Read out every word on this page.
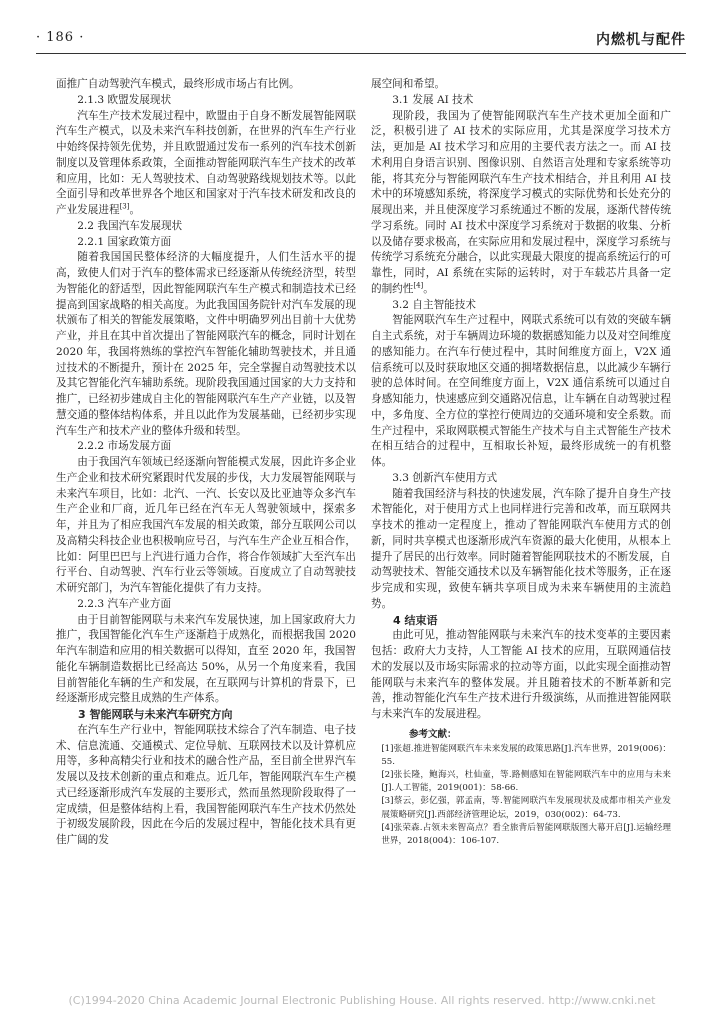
· 186 ·	内燃机与配件

面推广自动驾驶汽车模式，最终形成市场占有比例。

2.1.3 欧盟发展现状

汽车生产技术发展过程中，欧盟由于自身不断发展智能网联汽车生产模式，以及未来汽车科技创新，在世界的汽车生产行业中始终保持领先优势，并且欧盟通过发布一系列的汽车技术创新制度以及管理体系政策，全面推动智能网联汽车生产技术的改革和应用，比如：无人驾驶技术、自动驾驶路线规划技术等。以此全面引导和改革世界各个地区和国家对于汽车技术研发和改良的产业发展进程[3]。

2.2 我国汽车发展现状
2.2.1 国家政策方面

随着我国国民整体经济的大幅度提升，人们生活水平的提高，致使人们对于汽车的整体需求已经逐渐从传统经济型，转型为智能化的舒适型，因此智能网联汽车生产模式和制造技术已经提高到国家战略的相关高度。为此我国国务院针对汽车发展的现状颁布了相关的智能发展策略，文件中明确罗列出目前十大优势产业，并且在其中首次提出了智能网联汽车的概念，同时计划在 2020 年，我国将熟练的掌控汽车智能化辅助驾驶技术，并且通过技术的不断提升，预计在 2025 年，完全掌握自动驾驶技术以及其它智能化汽车辅助系统。现阶段我国通过国家的大力支持和推广，已经初步建成自主化的智能网联汽车生产产业链，以及智慧交通的整体结构体系，并且以此作为发展基础，已经初步实现汽车生产和技术产业的整体升级和转型。

2.2.2 市场发展方面

由于我国汽车领域已经逐渐向智能模式发展，因此许多企业生产企业和技术研究紧跟时代发展的步伐，大力发展智能网联与未来汽车项目，比如：北汽、一汽、长安以及比亚迪等众多汽车生产企业和厂商，近几年已经在汽车无人驾驶领域中，探索多年，并且为了相应我国汽车发展的相关政策，部分互联网公司以及高精尖科技企业也积极响应号召，与汽车生产企业互相合作，比如：阿里巴巴与上汽进行通力合作，将合作领域扩大至汽车出行平台、自动驾驶、汽车行业云等领域。百度成立了自动驾驶技术研究部门，为汽车智能化提供了有力支持。

2.2.3 汽车产业方面

由于目前智能网联与未来汽车发展快速，加上国家政府大力推广，我国智能化汽车生产逐渐趋于成熟化，而根据我国 2020 年汽车制造和应用的相关数据可以得知，直至 2020 年，我国智能化车辆制造数据比已经高达 50%，从另一个角度来看，我国目前智能化车辆的生产和发展，在互联网与计算机的背景下，已经逐渐形成完整且成熟的生产体系。

3 智能网联与未来汽车研究方向

在汽车生产行业中，智能网联技术综合了汽车制造、电子技术、信息流通、交通模式、定位导航、互联网技术以及计算机应用等，多种高精尖行业和技术的融合性产品，至目前全世界汽车发展以及技术创新的重点和难点。近几年，智能网联汽车生产模式已经逐渐形成汽车发展的主要形式，然而虽然现阶段取得了一定成绩，但是整体结构上看，我国智能网联汽车生产技术仍然处于初级发展阶段，因此在今后的发展过程中，智能化技术具有更佳广阔的发

展空间和希望。

3.1 发展 AI 技术

现阶段，我国为了使智能网联汽车生产技术更加全面和广泛，积极引进了 AI 技术的实际应用，尤其是深度学习技术方法，更加是 AI 技术学习和应用的主要代表方法之一。而 AI 技术利用自身语言识别、图像识别、自然语言处理和专家系统等功能，将其充分与智能网联汽车生产技术相结合，并且利用 AI 技术中的环境感知系统，将深度学习模式的实际优势和长处充分的展现出来，并且使深度学习系统通过不断的发展，逐渐代替传统学习系统。同时 AI 技术中深度学习系统对于数据的收集、分析以及储存要求极高，在实际应用和发展过程中，深度学习系统与传统学习系统充分融合，以此实现最大限度的提高系统运行的可靠性，同时，AI 系统在实际的运转时，对于车载芯片具备一定的制约性[4]。

3.2 自主智能技术

智能网联汽车生产过程中，网联式系统可以有效的突破车辆自主式系统，对于车辆周边环境的数据感知能力以及对空间维度的感知能力。在汽车行使过程中，其时间维度方面上，V2X 通信系统可以及时获取地区交通的拥堵数据信息，以此减少车辆行驶的总体时间。在空间维度方面上，V2X 通信系统可以通过自身感知能力，快速感应到交通路况信息，让车辆在自动驾驶过程中，多角度、全方位的掌控行使周边的交通环境和安全系数。而生产过程中，采取网联模式智能生产技术与自主式智能生产技术在相互结合的过程中，互相取长补短，最终形成统一的有机整体。

3.3 创新汽车使用方式

随着我国经济与科技的快速发展，汽车除了提升自身生产技术智能化，对于使用方式上也同样进行完善和改革，而互联网共享技术的推动一定程度上，推动了智能网联汽车使用方式的创新，同时共享模式也逐渐形成汽车资源的最大化使用，从根本上提升了居民的出行效率。同时随着智能网联技术的不断发展，自动驾驶技术、智能交通技术以及车辆智能化技术等服务，正在逐步完成和实现，致使车辆共享项目成为未来车辆使用的主流趋势。

4 结束语

由此可见，推动智能网联与未来汽车的技术变革的主要因素包括：政府大力支持，人工智能 AI 技术的应用，互联网通信技术的发展以及市场实际需求的拉动等方面，以此实现全面推动智能网联与未来汽车的整体发展。并且随着技术的不断革新和完善，推动智能化汽车生产技术进行升级演练，从而推进智能网联与未来汽车的发展进程。

参考文献：

[1]张超.推进智能网联汽车未来发展的政策思路[J].汽车世界，2019(006)：55.

[2]张长隆，鲍海兴，杜仙童，等.路侧感知在智能网联汽车中的应用与未来[J].人工智能，2019(001)：58-66.

[3]蔡云，彭亿强，郭孟南，等.智能网联汽车发展现状及成都市相关产业发展策略研究[J].西部经济管理论坛，2019，030(002)：64-73.

[4]张荣森.占领未来智高点？看全旅背后智能网联版图大幕开启[J].运输经理世界，2018(004)：106-107.

(C)1994-2020 China Academic Journal Electronic Publishing House. All rights reserved. http://www.cnki.net
